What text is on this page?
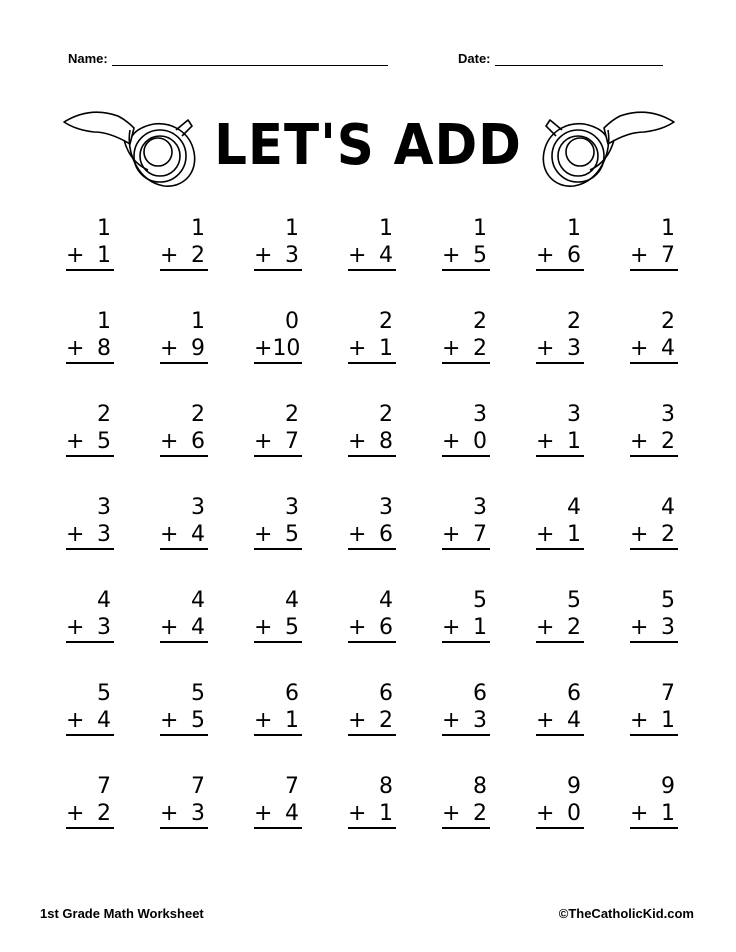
Name:	Date:
LET'S ADD
1
+ 1
1
+ 2
1
+ 3
1
+ 4
1
+ 5
1
+ 6
1
+ 7
1
+ 8
1
+ 9
0
+ 10
2
+ 1
2
+ 2
2
+ 3
2
+ 4
2
+ 5
2
+ 6
2
+ 7
2
+ 8
3
+ 0
3
+ 1
3
+ 2
3
+ 3
3
+ 4
3
+ 5
3
+ 6
3
+ 7
4
+ 1
4
+ 2
4
+ 3
4
+ 4
4
+ 5
4
+ 6
5
+ 1
5
+ 2
5
+ 3
5
+ 4
5
+ 5
6
+ 1
6
+ 2
6
+ 3
6
+ 4
7
+ 1
7
+ 2
7
+ 3
7
+ 4
8
+ 1
8
+ 2
9
+ 0
9
+ 1
1st Grade Math Worksheet	©TheCatholicKid.com
